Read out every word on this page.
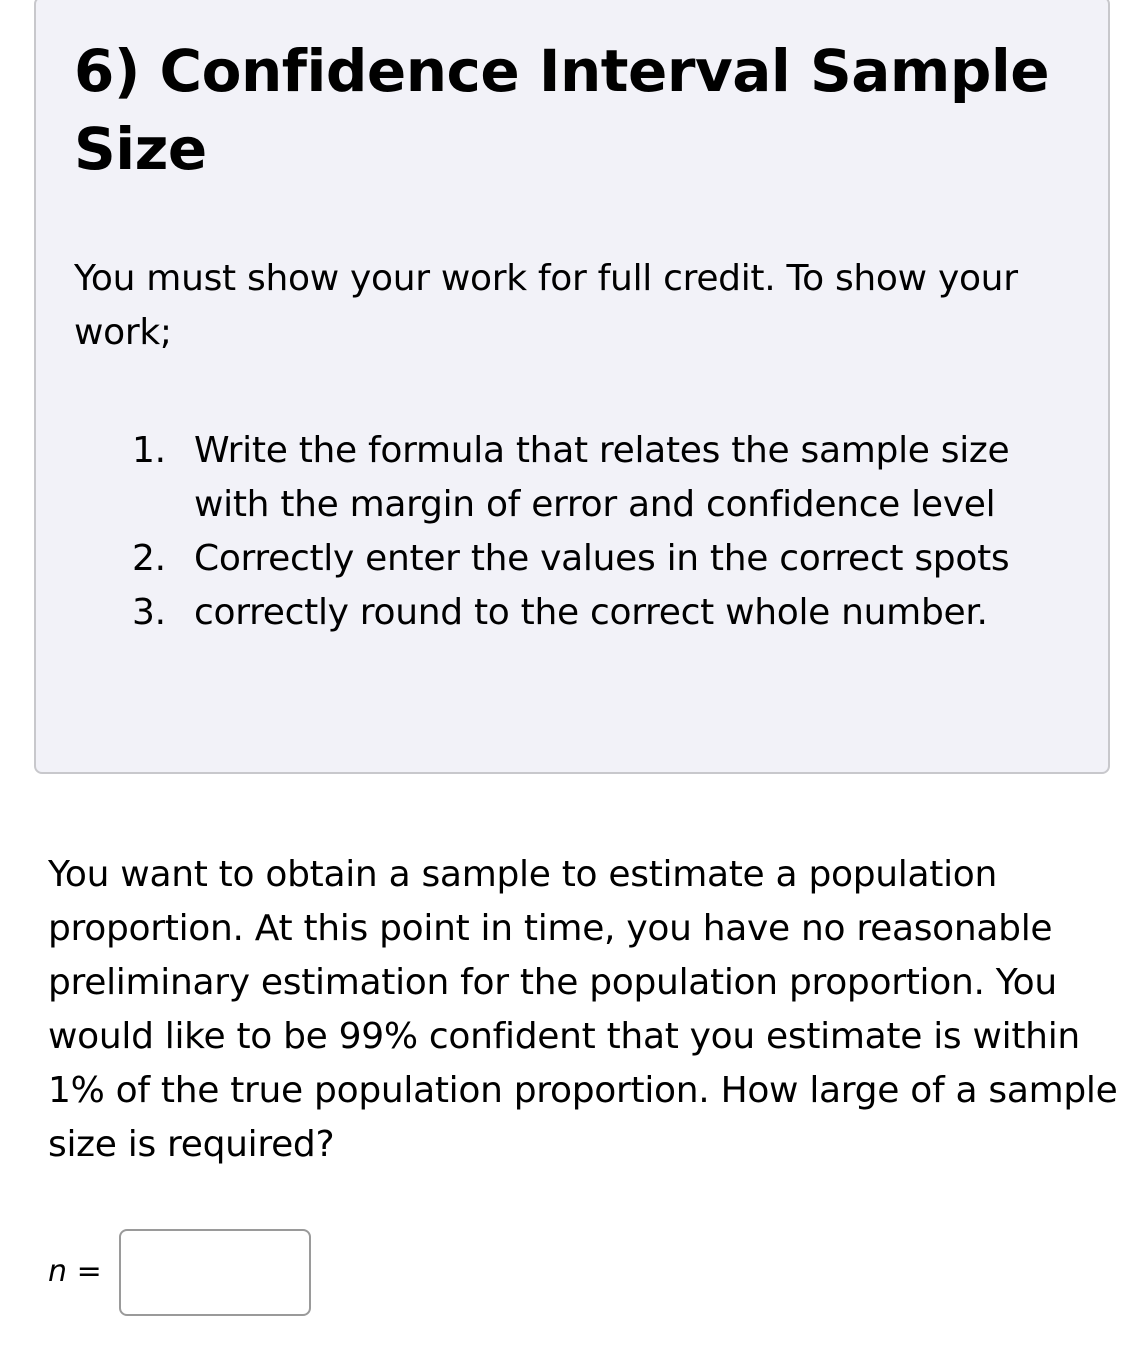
6) Confidence Interval Sample Size

You must show your work for full credit. To show your work;

1. Write the formula that relates the sample size with the margin of error and confidence level
2. Correctly enter the values in the correct spots
3. correctly round to the correct whole number.

You want to obtain a sample to estimate a population proportion. At this point in time, you have no reasonable preliminary estimation for the population proportion. You would like to be 99% confident that you estimate is within 1% of the true population proportion. How large of a sample size is required?

n =
